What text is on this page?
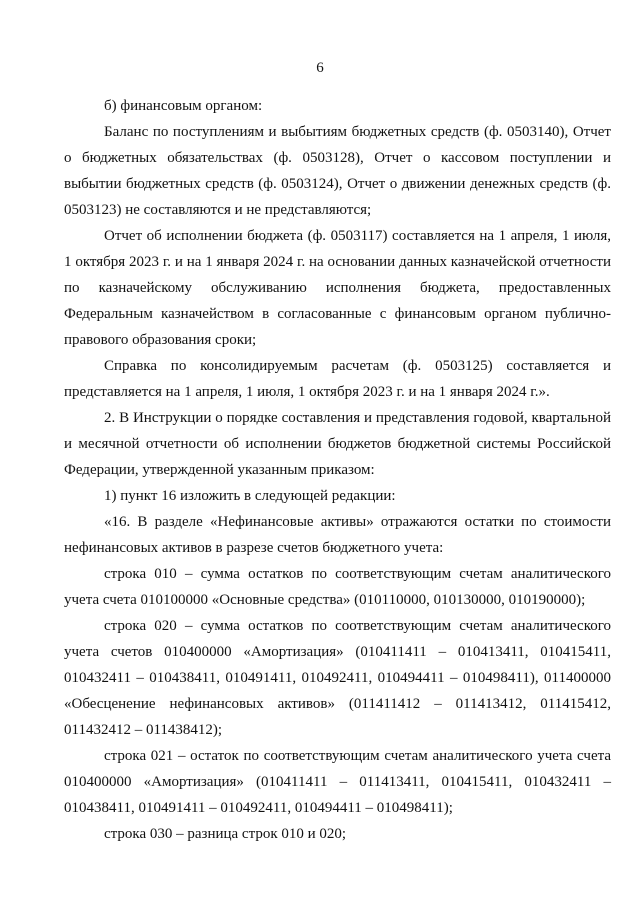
6

б) финансовым органом:

Баланс по поступлениям и выбытиям бюджетных средств (ф. 0503140), Отчет о бюджетных обязательствах (ф. 0503128), Отчет о кассовом поступлении и выбытии бюджетных средств (ф. 0503124), Отчет о движении денежных средств (ф. 0503123) не составляются и не представляются;

Отчет об исполнении бюджета (ф. 0503117) составляется на 1 апреля, 1 июля, 1 октября 2023 г. и на 1 января 2024 г. на основании данных казначейской отчетности по казначейскому обслуживанию исполнения бюджета, предоставленных Федеральным казначейством в согласованные с финансовым органом публично-правового образования сроки;

Справка по консолидируемым расчетам (ф. 0503125) составляется и представляется на 1 апреля, 1 июля, 1 октября 2023 г. и на 1 января 2024 г.».

2. В Инструкции о порядке составления и представления годовой, квартальной и месячной отчетности об исполнении бюджетов бюджетной системы Российской Федерации, утвержденной указанным приказом:

1) пункт 16 изложить в следующей редакции:

«16. В разделе «Нефинансовые активы» отражаются остатки по стоимости нефинансовых активов в разрезе счетов бюджетного учета:

строка 010 – сумма остатков по соответствующим счетам аналитического учета счета 010100000 «Основные средства» (010110000, 010130000, 010190000);

строка 020 – сумма остатков по соответствующим счетам аналитического учета счетов 010400000 «Амортизация» (010411411 – 010413411, 010415411, 010432411 – 010438411, 010491411, 010492411, 010494411 – 010498411), 011400000 «Обесценение нефинансовых активов» (011411412 – 011413412, 011415412, 011432412 – 011438412);

строка 021 – остаток по соответствующим счетам аналитического учета счета 010400000 «Амортизация» (010411411 – 011413411, 010415411, 010432411 – 010438411, 010491411 – 010492411, 010494411 – 010498411);

строка 030 – разница строк 010 и 020;
